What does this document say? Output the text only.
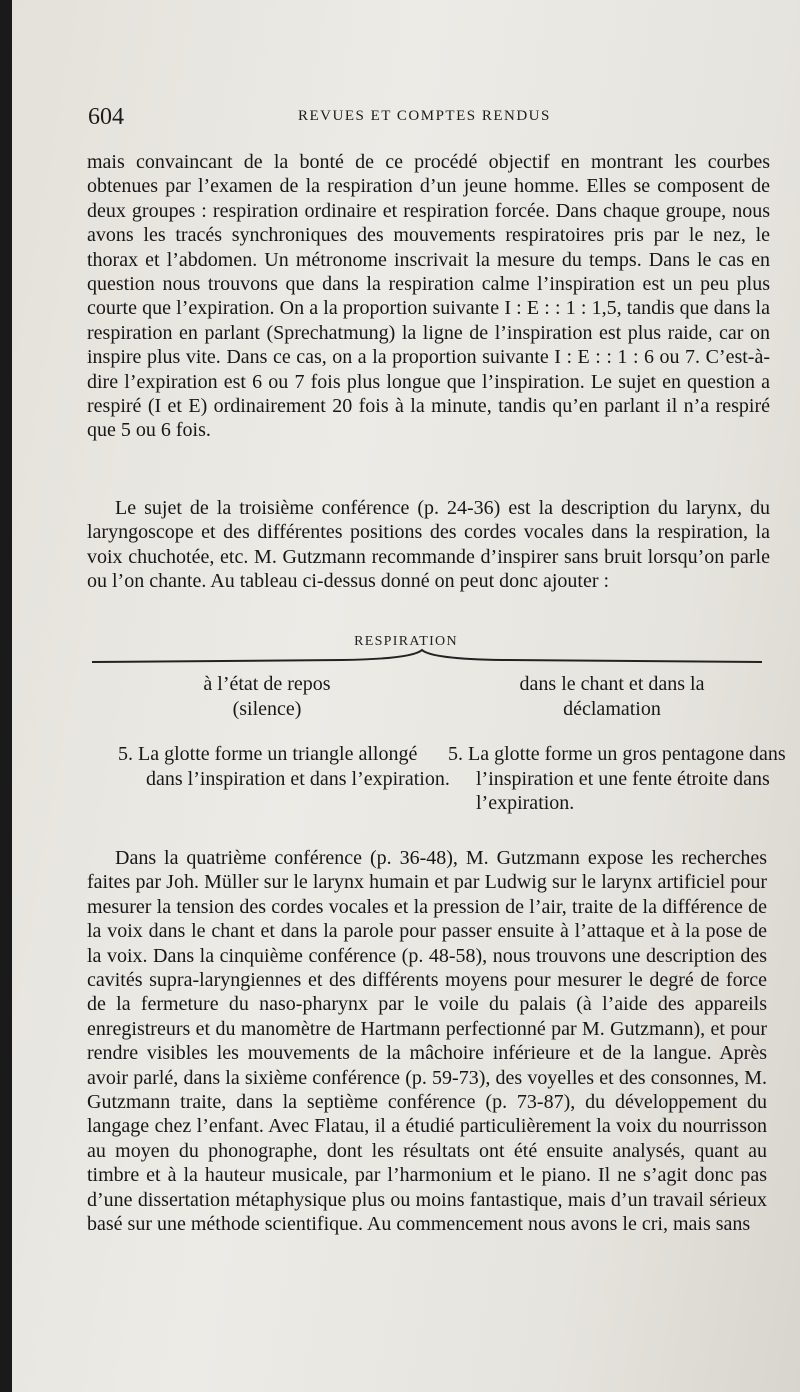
604	REVUES ET COMPTES RENDUS

mais convaincant de la bonté de ce procédé objectif en montrant les courbes obtenues par l’examen de la respiration d’un jeune homme. Elles se composent de deux groupes : respiration ordinaire et respiration forcée. Dans chaque groupe, nous avons les tracés synchroniques des mouvements respiratoires pris par le nez, le thorax et l’abdomen. Un métronome inscrivait la mesure du temps. Dans le cas en question nous trouvons que dans la respiration calme l’inspiration est un peu plus courte que l’expiration. On a la proportion suivante I : E : : 1 : 1,5, tandis que dans la respiration en parlant (Sprechatmung) la ligne de l’inspiration est plus raide, car on inspire plus vite. Dans ce cas, on a la proportion suivante I : E : : 1 : 6 ou 7. C’est-à-dire l’expiration est 6 ou 7 fois plus longue que l’inspiration. Le sujet en question a respiré (I et E) ordinairement 20 fois à la minute, tandis qu’en parlant il n’a respiré que 5 ou 6 fois.

Le sujet de la troisième conférence (p. 24-36) est la description du larynx, du laryngoscope et des différentes positions des cordes vocales dans la respiration, la voix chuchotée, etc. M. Gutzmann recommande d’inspirer sans bruit lorsqu’on parle ou l’on chante. Au tableau ci-dessus donné on peut donc ajouter :

RESPIRATION
à l’état de repos
(silence)
dans le chant et dans la
déclamation

5. La glotte forme un triangle allongé dans l’inspiration et dans l’expiration.

5. La glotte forme un gros pentagone dans l’inspiration et une fente étroite dans l’expiration.

Dans la quatrième conférence (p. 36-48), M. Gutzmann expose les recherches faites par Joh. Müller sur le larynx humain et par Ludwig sur le larynx artificiel pour mesurer la tension des cordes vocales et la pression de l’air, traite de la différence de la voix dans le chant et dans la parole pour passer ensuite à l’attaque et à la pose de la voix. Dans la cinquième conférence (p. 48-58), nous trouvons une description des cavités supra-laryngiennes et des différents moyens pour mesurer le degré de force de la fermeture du naso-pharynx par le voile du palais (à l’aide des appareils enregistreurs et du manomètre de Hartmann perfectionné par M. Gutzmann), et pour rendre visibles les mouvements de la mâchoire inférieure et de la langue. Après avoir parlé, dans la sixième conférence (p. 59-73), des voyelles et des consonnes, M. Gutzmann traite, dans la septième conférence (p. 73-87), du développement du langage chez l’enfant. Avec Flatau, il a étudié particulièrement la voix du nourrisson au moyen du phonographe, dont les résultats ont été ensuite analysés, quant au timbre et à la hauteur musicale, par l’harmonium et le piano. Il ne s’agit donc pas d’une dissertation métaphysique plus ou moins fantastique, mais d’un travail sérieux basé sur une méthode scientifique. Au commencement nous avons le cri, mais sans
